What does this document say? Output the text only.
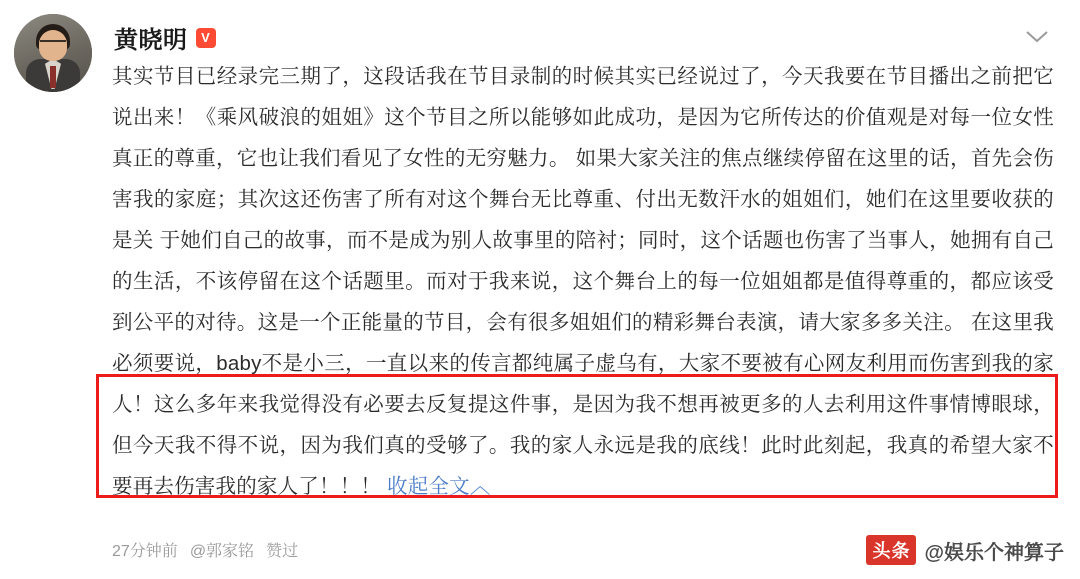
黄晓明	V
其实节目已经录完三期了，这段话我在节目录制的时候其实已经说过了，今天我要在节目播出之前把它说出来！《乘风破浪的姐姐》这个节目之所以能够如此成功，是因为它所传达的价值观是对每一位女性真正的尊重，它也让我们看见了女性的无穷魅力。 如果大家关注的焦点继续停留在这里的话，首先会伤害我的家庭；其次这还伤害了所有对这个舞台无比尊重、付出无数汗水的姐姐们，她们在这里要收获的是关 于她们自己的故事，而不是成为别人故事里的陪衬；同时，这个话题也伤害了当事人，她拥有自己的生活，不该停留在这个话题里。而对于我来说，这个舞台上的每一位姐姐都是值得尊重的，都应该受到公平的对待。这是一个正能量的节目，会有很多姐姐们的精彩舞台表演，请大家多多关注。 在这里我必须要说，baby不是小三，一直以来的传言都纯属子虚乌有，大家不要被有心网友利用而伤害到我的家人！这么多年来我觉得没有必要去反复提这件事，是因为我不想再被更多的人去利用这件事情博眼球，但今天我不得不说，因为我们真的受够了。我的家人永远是我的底线！此时此刻起，我真的希望大家不要再去伤害我的家人了！！！ 收起全文︿
27分钟前 @郭家铭 赞过	头条 @娱乐个神算子
